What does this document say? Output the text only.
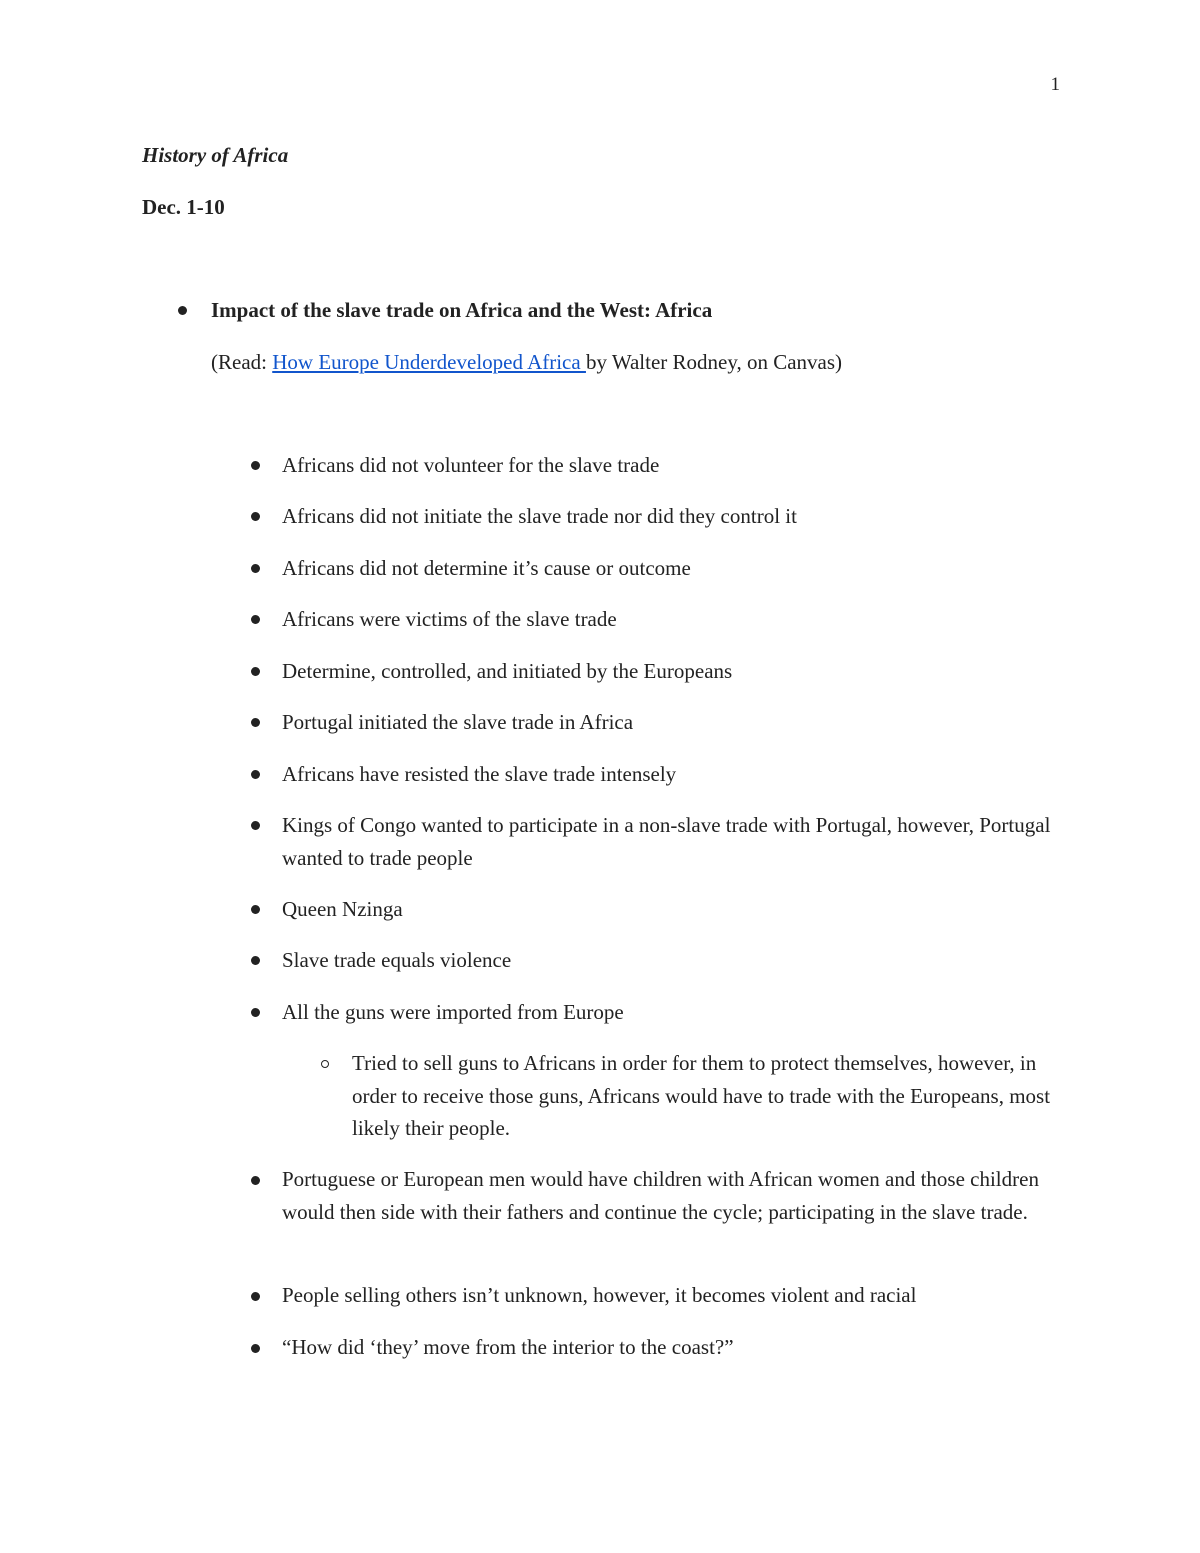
1
History of Africa
Dec. 1-10
Impact of the slave trade on Africa and the West: Africa
(Read: How Europe Underdeveloped Africa by Walter Rodney, on Canvas)
Africans did not volunteer for the slave trade
Africans did not initiate the slave trade nor did they control it
Africans did not determine it’s cause or outcome
Africans were victims of the slave trade
Determine, controlled, and initiated by the Europeans
Portugal initiated the slave trade in Africa
Africans have resisted the slave trade intensely
Kings of Congo wanted to participate in a non-slave trade with Portugal, however, Portugal wanted to trade people
Queen Nzinga
Slave trade equals violence
All the guns were imported from Europe
Tried to sell guns to Africans in order for them to protect themselves, however, in order to receive those guns, Africans would have to trade with the Europeans, most likely their people.
Portuguese or European men would have children with African women and those children would then side with their fathers and continue the cycle; participating in the slave trade.
People selling others isn’t unknown, however, it becomes violent and racial
“How did ‘they’ move from the interior to the coast?”
